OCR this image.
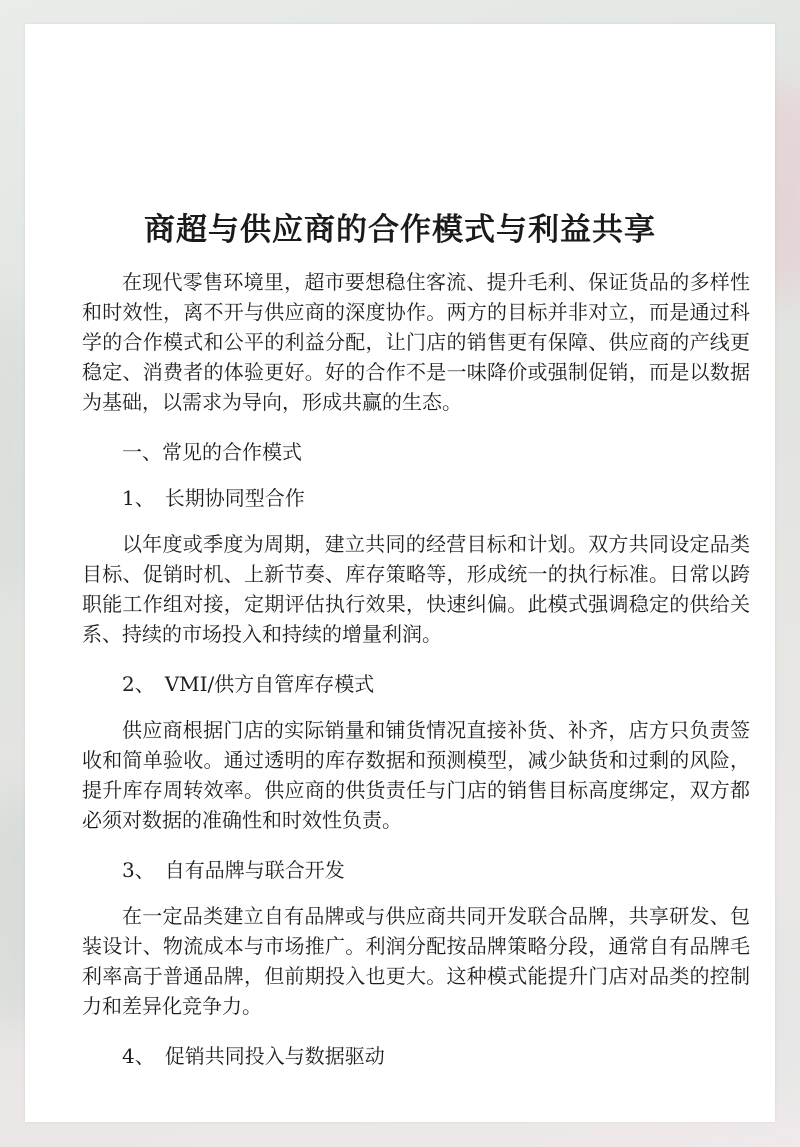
商超与供应商的合作模式与利益共享

在现代零售环境里，超市要想稳住客流、提升毛利、保证货品的多样性和时效性，离不开与供应商的深度协作。两方的目标并非对立，而是通过科学的合作模式和公平的利益分配，让门店的销售更有保障、供应商的产线更稳定、消费者的体验更好。好的合作不是一味降价或强制促销，而是以数据为基础，以需求为导向，形成共赢的生态。

一、常见的合作模式

1、　长期协同型合作

以年度或季度为周期，建立共同的经营目标和计划。双方共同设定品类目标、促销时机、上新节奏、库存策略等，形成统一的执行标准。日常以跨职能工作组对接，定期评估执行效果，快速纠偏。此模式强调稳定的供给关系、持续的市场投入和持续的增量利润。

2、　VMI/供方自管库存模式

供应商根据门店的实际销量和铺货情况直接补货、补齐，店方只负责签收和简单验收。通过透明的库存数据和预测模型，减少缺货和过剩的风险，提升库存周转效率。供应商的供货责任与门店的销售目标高度绑定，双方都必须对数据的准确性和时效性负责。

3、　自有品牌与联合开发

在一定品类建立自有品牌或与供应商共同开发联合品牌，共享研发、包装设计、物流成本与市场推广。利润分配按品牌策略分段，通常自有品牌毛利率高于普通品牌，但前期投入也更大。这种模式能提升门店对品类的控制力和差异化竞争力。

4、　促销共同投入与数据驱动
